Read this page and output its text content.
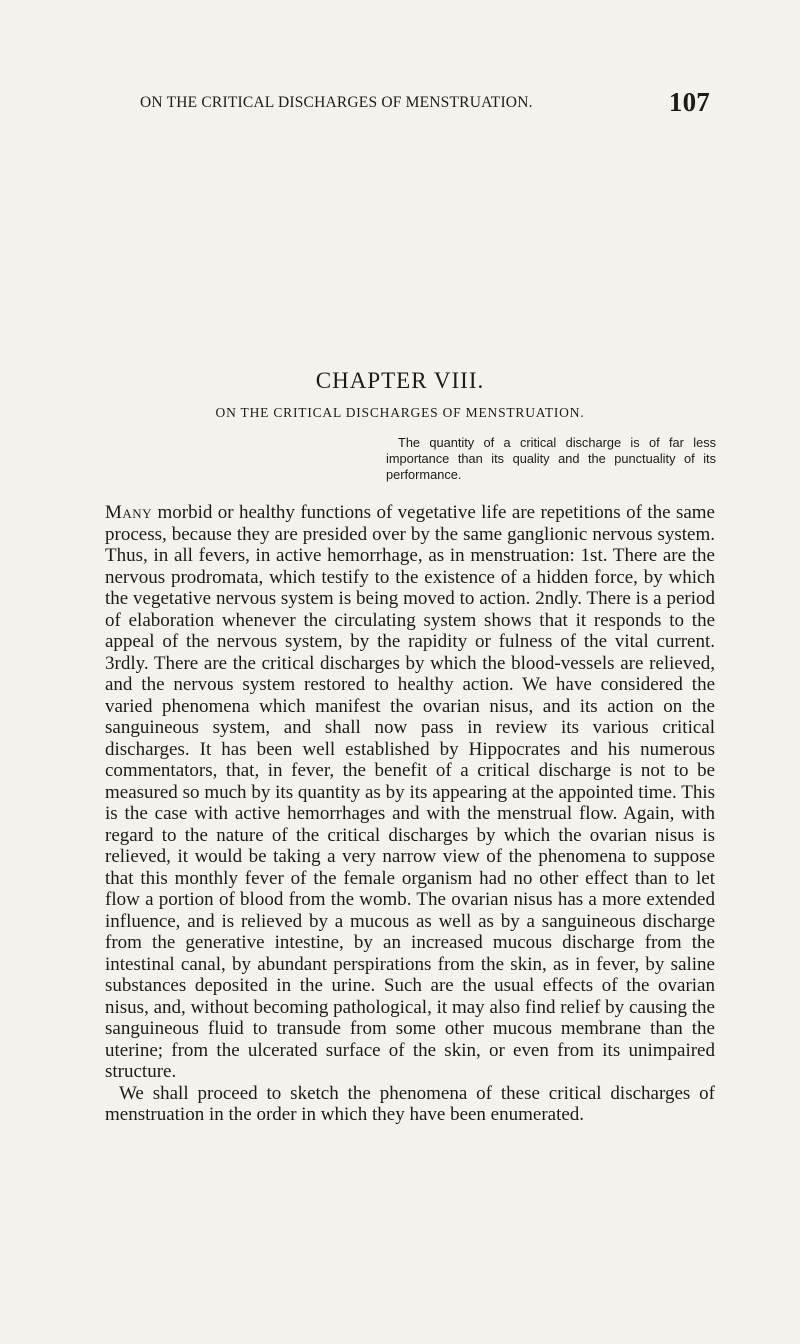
ON THE CRITICAL DISCHARGES OF MENSTRUATION.	107
CHAPTER VIII.
ON THE CRITICAL DISCHARGES OF MENSTRUATION.
The quantity of a critical discharge is of far less importance than its quality and the punctuality of its performance.

Many morbid or healthy functions of vegetative life are repetitions of the same process, because they are presided over by the same ganglionic nervous system. Thus, in all fevers, in active hemorrhage, as in menstruation: 1st. There are the nervous prodromata, which testify to the existence of a hidden force, by which the vegetative nervous system is being moved to action. 2ndly. There is a period of elaboration whenever the circulating system shows that it responds to the appeal of the nervous system, by the rapidity or fulness of the vital current. 3rdly. There are the critical discharges by which the blood-vessels are relieved, and the nervous system restored to healthy action. We have considered the varied phenomena which manifest the ovarian nisus, and its action on the sanguineous system, and shall now pass in review its various critical discharges. It has been well established by Hippocrates and his numerous commentators, that, in fever, the benefit of a critical discharge is not to be measured so much by its quantity as by its appearing at the appointed time. This is the case with active hemorrhages and with the menstrual flow. Again, with regard to the nature of the critical discharges by which the ovarian nisus is relieved, it would be taking a very narrow view of the phenomena to suppose that this monthly fever of the female organism had no other effect than to let flow a portion of blood from the womb. The ovarian nisus has a more extended influence, and is relieved by a mucous as well as by a sanguineous discharge from the generative intestine, by an increased mucous discharge from the intestinal canal, by abundant perspirations from the skin, as in fever, by saline substances deposited in the urine. Such are the usual effects of the ovarian nisus, and, without becoming pathological, it may also find relief by causing the sanguineous fluid to transude from some other mucous membrane than the uterine; from the ulcerated surface of the skin, or even from its unimpaired structure.

We shall proceed to sketch the phenomena of these critical discharges of menstruation in the order in which they have been enumerated.
